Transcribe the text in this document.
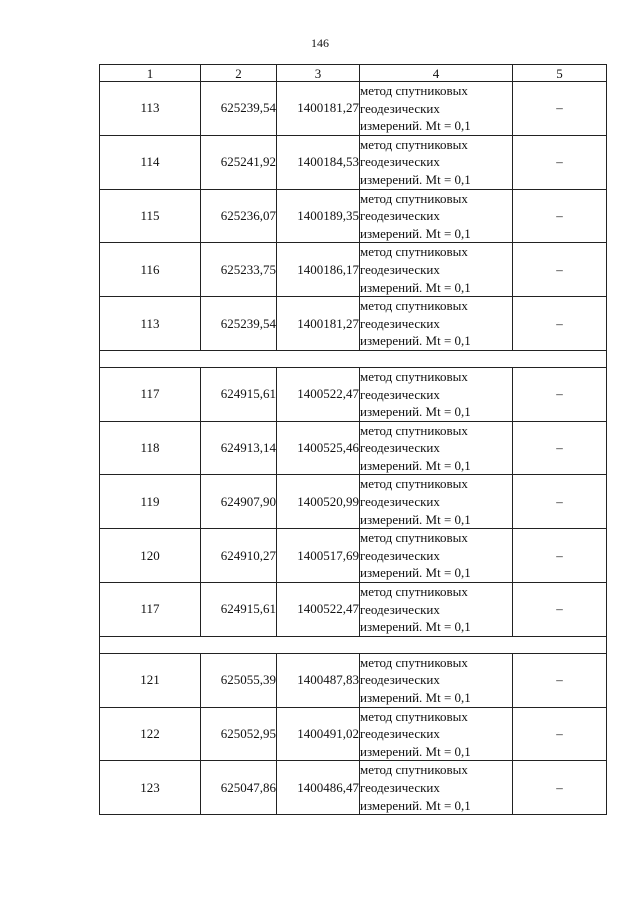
146
1	2	3	4	5
113	625239,54	1400181,27	метод спутниковых
геодезических
измерений. Mt = 0,1	–
114	625241,92	1400184,53	метод спутниковых
геодезических
измерений. Mt = 0,1	–
115	625236,07	1400189,35	метод спутниковых
геодезических
измерений. Mt = 0,1	–
116	625233,75	1400186,17	метод спутниковых
геодезических
измерений. Mt = 0,1	–
113	625239,54	1400181,27	метод спутниковых
геодезических
измерений. Mt = 0,1	–

117	624915,61	1400522,47	метод спутниковых
геодезических
измерений. Mt = 0,1	–
118	624913,14	1400525,46	метод спутниковых
геодезических
измерений. Mt = 0,1	–
119	624907,90	1400520,99	метод спутниковых
геодезических
измерений. Mt = 0,1	–
120	624910,27	1400517,69	метод спутниковых
геодезических
измерений. Mt = 0,1	–
117	624915,61	1400522,47	метод спутниковых
геодезических
измерений. Mt = 0,1	–

121	625055,39	1400487,83	метод спутниковых
геодезических
измерений. Mt = 0,1	–
122	625052,95	1400491,02	метод спутниковых
геодезических
измерений. Mt = 0,1	–
123	625047,86	1400486,47	метод спутниковых
геодезических
измерений. Mt = 0,1	–
